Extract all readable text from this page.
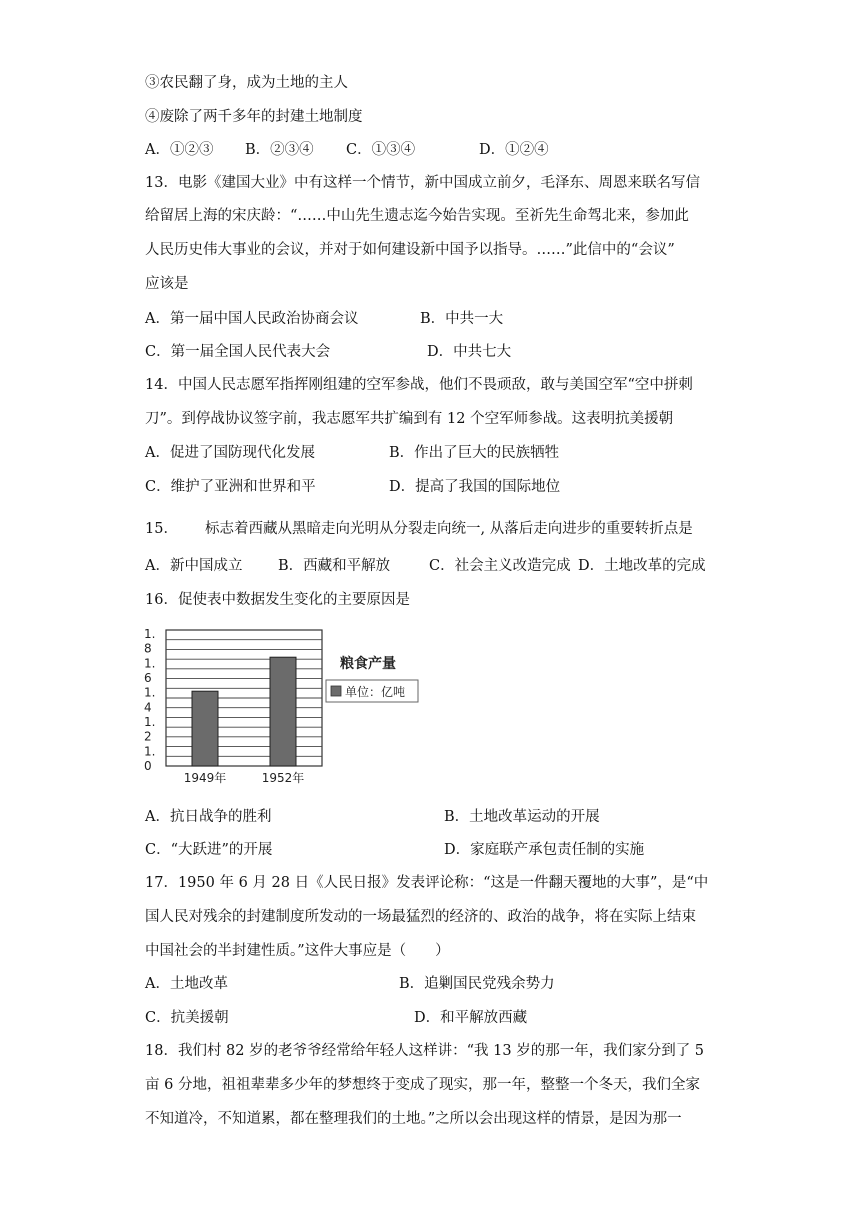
③农民翻了身，成为土地的主人
④废除了两千多年的封建土地制度
A．①②③ B．②③④ C．①③④	D．①②④
13．电影《建国大业》中有这样一个情节，新中国成立前夕，毛泽东、周恩来联名写信
给留居上海的宋庆龄：“……中山先生遗志迄今始告实现。至祈先生命驾北来，参加此
人民历史伟大事业的会议，并对于如何建设新中国予以指导。……”此信中的“会议”
应该是
A．第一届中国人民政治协商会议	B．中共一大
C．第一届全国人民代表大会	D．中共七大
14．中国人民志愿军指挥刚组建的空军参战，他们不畏顽敌，敢与美国空军“空中拼刺
刀”。到停战协议签字前，我志愿军共扩编到有 12 个空军师参战。这表明抗美援朝
A．促进了国防现代化发展	B．作出了巨大的民族牺牲
C．维护了亚洲和世界和平	D．提高了我国的国际地位
15． 标志着西藏从黑暗走向光明从分裂走向统一, 从落后走向进步的重要转折点是
A．新中国成立 B．西藏和平解放	C．社会主义改造完成 D．土地改革的完成
16．促使表中数据发生变化的主要原因是
1.
8
1.
6
1.
4
1.
2
1.
0
1949年	1952年
粮食产量
单位：亿吨
A．抗日战争的胜利	B．土地改革运动的开展
C．“大跃进”的开展	D．家庭联产承包责任制的实施
17．1950 年 6 月 28 日《人民日报》发表评论称：“这是一件翻天覆地的大事”，是“中
国人民对残余的封建制度所发动的一场最猛烈的经济的、政治的战争，将在实际上结束
中国社会的半封建性质。”这件大事应是（　　）
A．土地改革	B．追剿国民党残余势力
C．抗美援朝	D．和平解放西藏
18．我们村 82 岁的老爷爷经常给年轻人这样讲：“我 13 岁的那一年，我们家分到了 5
亩 6 分地，祖祖辈辈多少年的梦想终于变成了现实，那一年，整整一个冬天，我们全家
不知道冷，不知道累，都在整理我们的土地。”之所以会出现这样的情景，是因为那一
